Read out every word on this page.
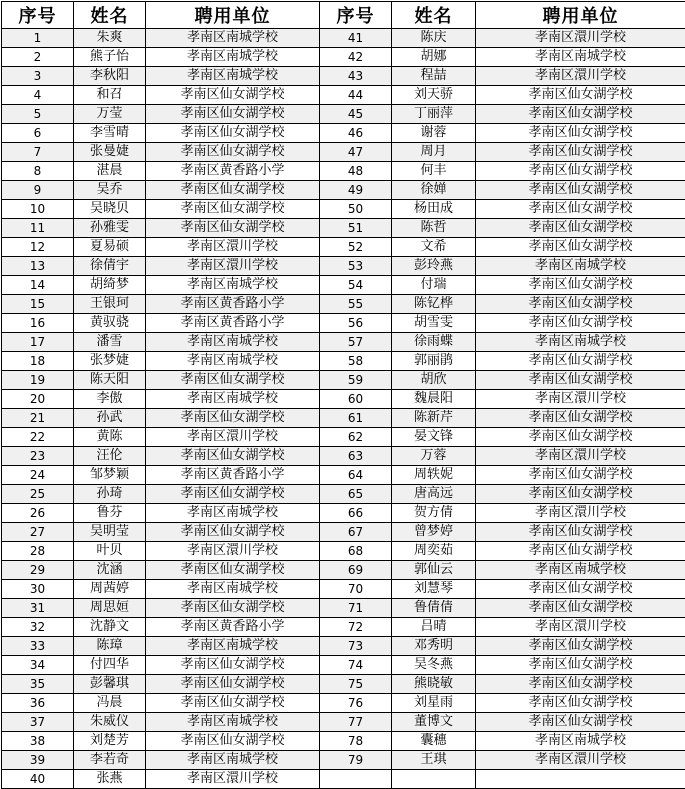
序号	姓名	聘用单位	序号	姓名	聘用单位
1	朱爽	孝南区南城学校	41	陈庆	孝南区澴川学校
2	熊子怡	孝南区南城学校	42	胡娜	孝南区南城学校
3	李秋阳	孝南区南城学校	43	程喆	孝南区澴川学校
4	和召	孝南区仙女湖学校	44	刘天骄	孝南区仙女湖学校
5	万莹	孝南区仙女湖学校	45	丁丽萍	孝南区仙女湖学校
6	李雪晴	孝南区仙女湖学校	46	谢蓉	孝南区仙女湖学校
7	张曼婕	孝南区仙女湖学校	47	周月	孝南区仙女湖学校
8	湛晨	孝南区黄香路小学	48	何丰	孝南区仙女湖学校
9	吴乔	孝南区仙女湖学校	49	徐婵	孝南区仙女湖学校
10	吴晓贝	孝南区仙女湖学校	50	杨田成	孝南区仙女湖学校
11	孙雅雯	孝南区仙女湖学校	51	陈哲	孝南区仙女湖学校
12	夏易硕	孝南区澴川学校	52	文希	孝南区仙女湖学校
13	徐倩宇	孝南区澴川学校	53	彭玲燕	孝南区南城学校
14	胡绮梦	孝南区南城学校	54	付瑞	孝南区仙女湖学校
15	王银珂	孝南区黄香路小学	55	陈钇桦	孝南区仙女湖学校
16	黄驭骁	孝南区黄香路小学	56	胡雪雯	孝南区仙女湖学校
17	潘雪	孝南区南城学校	57	徐雨蝶	孝南区南城学校
18	张梦婕	孝南区南城学校	58	郭丽鹃	孝南区仙女湖学校
19	陈天阳	孝南区仙女湖学校	59	胡欣	孝南区仙女湖学校
20	李傲	孝南区南城学校	60	魏晨阳	孝南区澴川学校
21	孙武	孝南区仙女湖学校	61	陈新芹	孝南区仙女湖学校
22	黄陈	孝南区澴川学校	62	晏文锋	孝南区仙女湖学校
23	汪伦	孝南区仙女湖学校	63	万蓉	孝南区澴川学校
24	邹梦颖	孝南区黄香路小学	64	周轶妮	孝南区仙女湖学校
25	孙琦	孝南区仙女湖学校	65	唐高远	孝南区仙女湖学校
26	鲁芬	孝南区南城学校	66	贺方倩	孝南区澴川学校
27	吴明莹	孝南区仙女湖学校	67	曾梦婷	孝南区仙女湖学校
28	叶贝	孝南区澴川学校	68	周奕茹	孝南区仙女湖学校
29	沈涵	孝南区仙女湖学校	69	郭仙云	孝南区南城学校
30	周茜婷	孝南区南城学校	70	刘慧琴	孝南区仙女湖学校
31	周思姮	孝南区仙女湖学校	71	鲁倩倩	孝南区仙女湖学校
32	沈静文	孝南区黄香路小学	72	吕晴	孝南区澴川学校
33	陈璋	孝南区南城学校	73	邓秀明	孝南区仙女湖学校
34	付四华	孝南区仙女湖学校	74	吴冬燕	孝南区仙女湖学校
35	彭馨琪	孝南区仙女湖学校	75	熊晓敏	孝南区仙女湖学校
36	冯晨	孝南区仙女湖学校	76	刘星雨	孝南区仙女湖学校
37	朱威仪	孝南区南城学校	77	董博文	孝南区仙女湖学校
38	刘楚芳	孝南区仙女湖学校	78	囊穗	孝南区南城学校
39	李若奇	孝南区南城学校	79	王琪	孝南区澴川学校
40	张燕	孝南区澴川学校			
